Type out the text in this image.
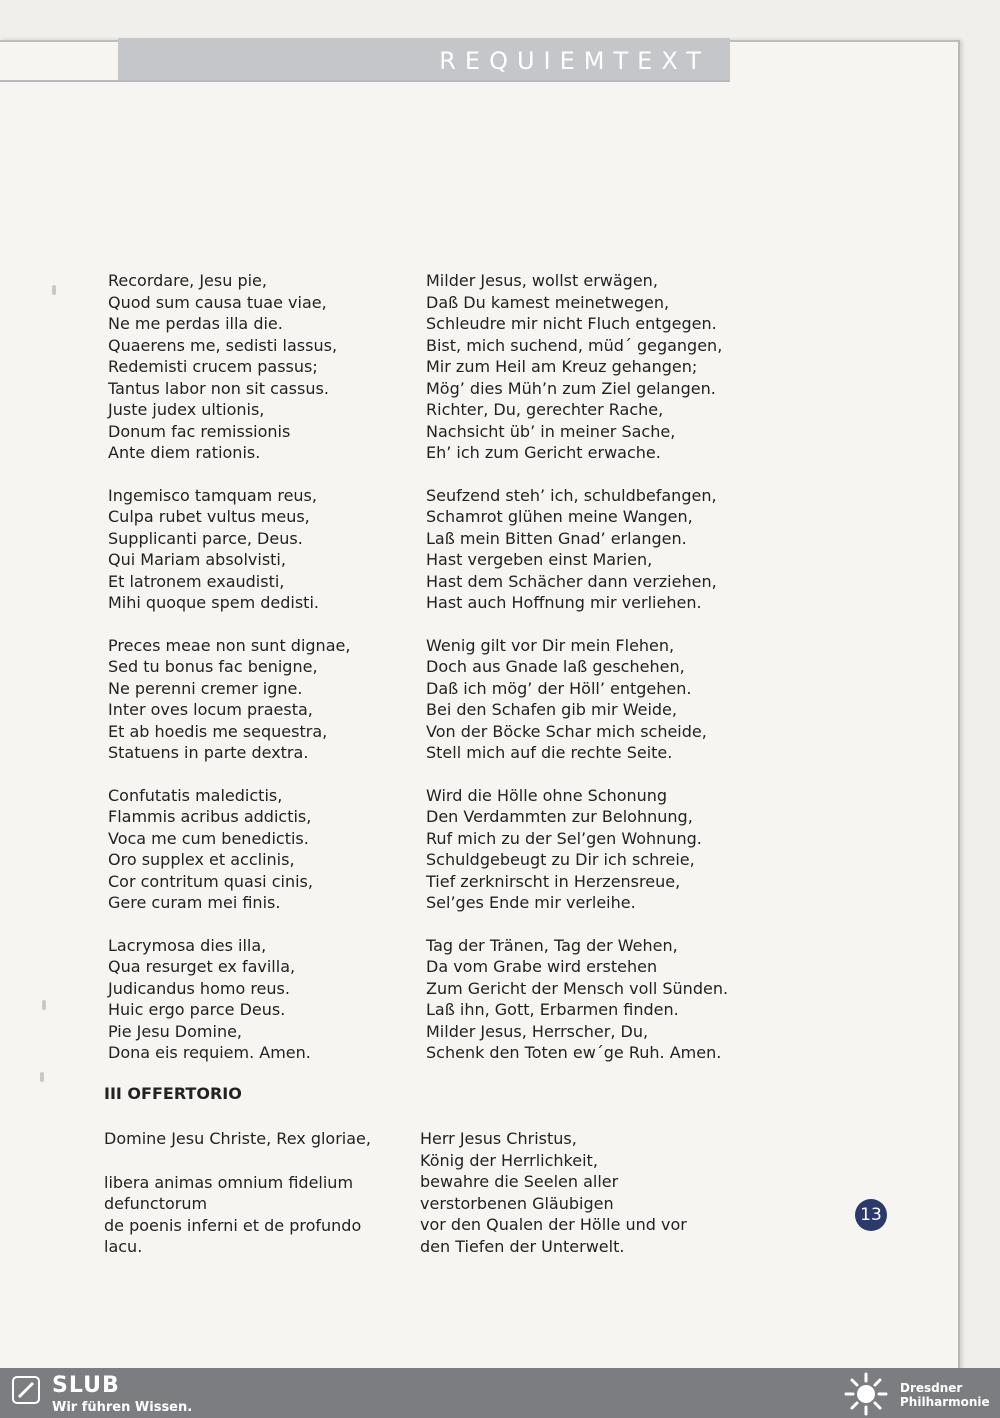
REQUIEMTEXT

Recordare, Jesu pie,

Quod sum causa tuae viae,

Ne me perdas illa die.

Quaerens me, sedisti lassus,

Redemisti crucem passus;

Tantus labor non sit cassus.

Juste judex ultionis,

Donum fac remissionis

Ante diem rationis.

Ingemisco tamquam reus,

Culpa rubet vultus meus,

Supplicanti parce, Deus.

Qui Mariam absolvisti,

Et latronem exaudisti,

Mihi quoque spem dedisti.

Preces meae non sunt dignae,

Sed tu bonus fac benigne,

Ne perenni cremer igne.

Inter oves locum praesta,

Et ab hoedis me sequestra,

Statuens in parte dextra.

Confutatis maledictis,

Flammis acribus addictis,

Voca me cum benedictis.

Oro supplex et acclinis,

Cor contritum quasi cinis,

Gere curam mei finis.

Lacrymosa dies illa,

Qua resurget ex favilla,

Judicandus homo reus.

Huic ergo parce Deus.

Pie Jesu Domine,

Dona eis requiem. Amen.

Milder Jesus, wollst erwägen,

Daß Du kamest meinetwegen,

Schleudre mir nicht Fluch entgegen.

Bist, mich suchend, müd´ gegangen,

Mir zum Heil am Kreuz gehangen;

Mög’ dies Müh’n zum Ziel gelangen.

Richter, Du, gerechter Rache,

Nachsicht üb’ in meiner Sache,

Eh’ ich zum Gericht erwache.

Seufzend steh’ ich, schuldbefangen,

Schamrot glühen meine Wangen,

Laß mein Bitten Gnad’ erlangen.

Hast vergeben einst Marien,

Hast dem Schächer dann verziehen,

Hast auch Hoffnung mir verliehen.

Wenig gilt vor Dir mein Flehen,

Doch aus Gnade laß geschehen,

Daß ich mög’ der Höll’ entgehen.

Bei den Schafen gib mir Weide,

Von der Böcke Schar mich scheide,

Stell mich auf die rechte Seite.

Wird die Hölle ohne Schonung

Den Verdammten zur Belohnung,

Ruf mich zu der Sel’gen Wohnung.

Schuldgebeugt zu Dir ich schreie,

Tief zerknirscht in Herzensreue,

Sel’ges Ende mir verleihe.

Tag der Tränen, Tag der Wehen,

Da vom Grabe wird erstehen

Zum Gericht der Mensch voll Sünden.

Laß ihn, Gott, Erbarmen finden.

Milder Jesus, Herrscher, Du,

Schenk den Toten ew´ge Ruh. Amen.

III OFFERTORIO

Domine Jesu Christe, Rex gloriae,

libera animas omnium fidelium

defunctorum

de poenis inferni et de profundo

lacu.

Herr Jesus Christus,

König der Herrlichkeit,

bewahre die Seelen aller

verstorbenen Gläubigen

vor den Qualen der Hölle und vor

den Tiefen der Unterwelt.

13
SLUB
Wir führen Wissen.
Dresdner
Philharmonie
